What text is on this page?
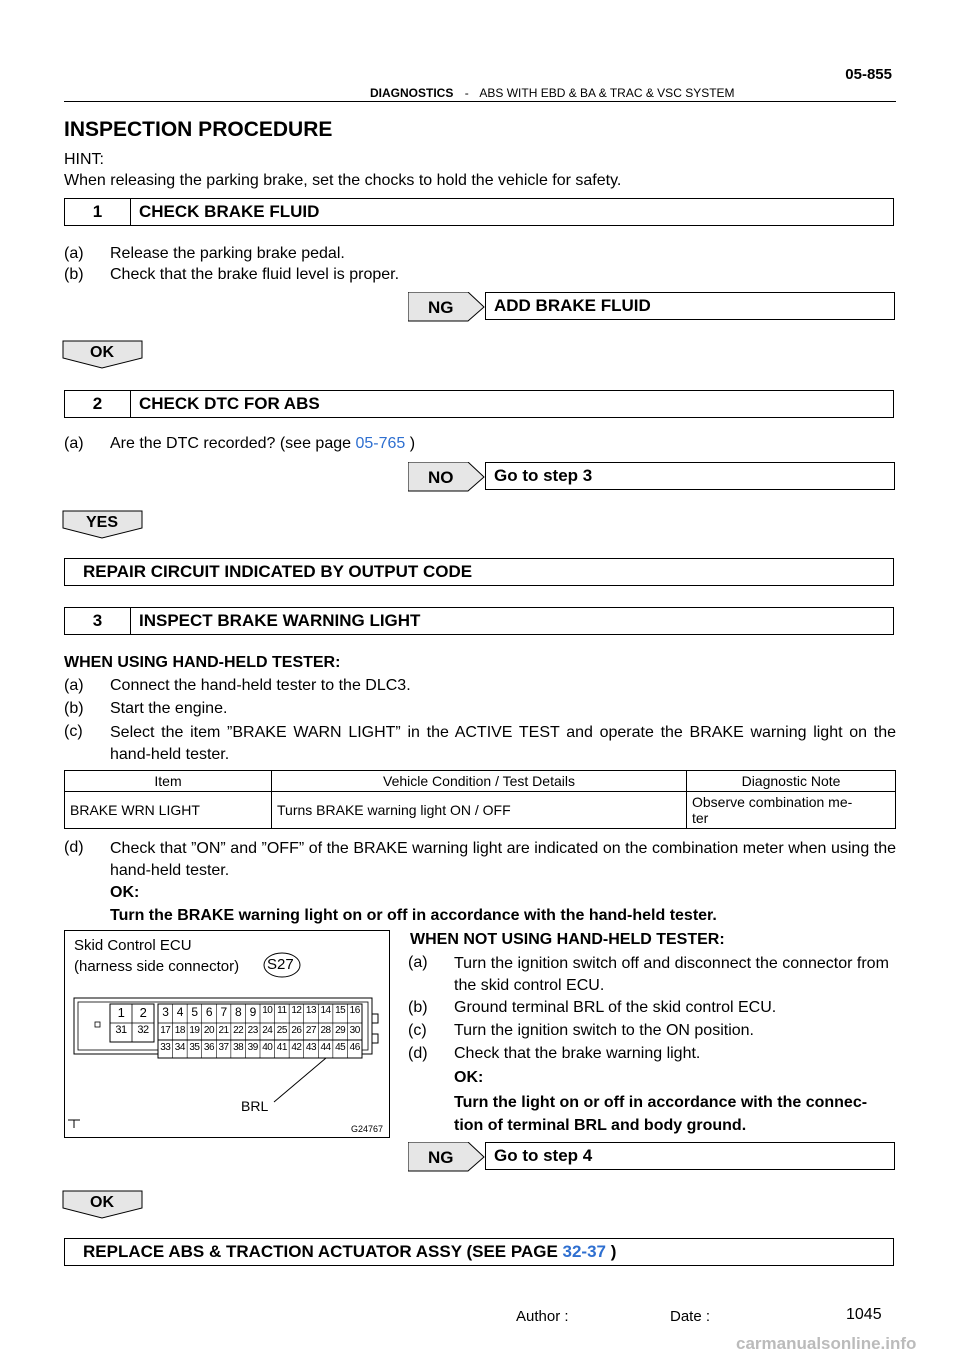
05-855
DIAGNOSTICS - ABS WITH EBD & BA & TRAC & VSC SYSTEM
INSPECTION PROCEDURE
HINT:
When releasing the parking brake, set the chocks to hold the vehicle for safety.
1	CHECK BRAKE FLUID
(a)	Release the parking brake pedal.
(b)	Check that the brake fluid level is proper.
NG	ADD BRAKE FLUID
OK
2	CHECK DTC FOR ABS
(a)	Are the DTC recorded? (see page
05-765
)
NO	Go to step 3
YES
REPAIR CIRCUIT INDICATED BY OUTPUT CODE
3	INSPECT BRAKE WARNING LIGHT
WHEN USING HAND-HELD TESTER:
(a)	Connect the hand-held tester to the DLC3.
(b)	Start the engine.
(c)	Select the item ”BRAKE WARN LIGHT” in the ACTIVE TEST and operate the BRAKE warning light on the hand-held tester.
Item	Vehicle Condition / Test Details	Diagnostic Note
BRAKE WRN LIGHT	Turns BRAKE warning light ON / OFF	Observe combination me-
ter
(d)	Check that ”ON” and ”OFF” of the BRAKE warning light are indicated on the combination meter when using the hand-held tester.
OK:
Turn the BRAKE warning light on or off in accordance with the hand-held tester.
Skid Control ECU
(harness side connector) S27
1	2
31 32
3 4 5 6 7 8 9 10 11 12 13 14 15 16
17 18 19 20 21 22 23 24 25 26 27 28 29 30
33 34 35 36 37 38 39 40 41 42 43 44 45 46
BRL
G24767
WHEN NOT USING HAND-HELD TESTER:
(a)	Turn the ignition switch off and disconnect the connector from the skid control ECU.
(b)	Ground terminal BRL of the skid control ECU.
(c)	Turn the ignition switch to the ON position.
(d)	Check that the brake warning light.
OK:
Turn the light on or off in accordance with the connec-tion of terminal BRL and body ground.
NG	Go to step 4
OK
REPLACE ABS & TRACTION ACTUATOR ASSY (SEE PAGE
32-37
)
Author :	Date :	1045
carmanualsonline.info
